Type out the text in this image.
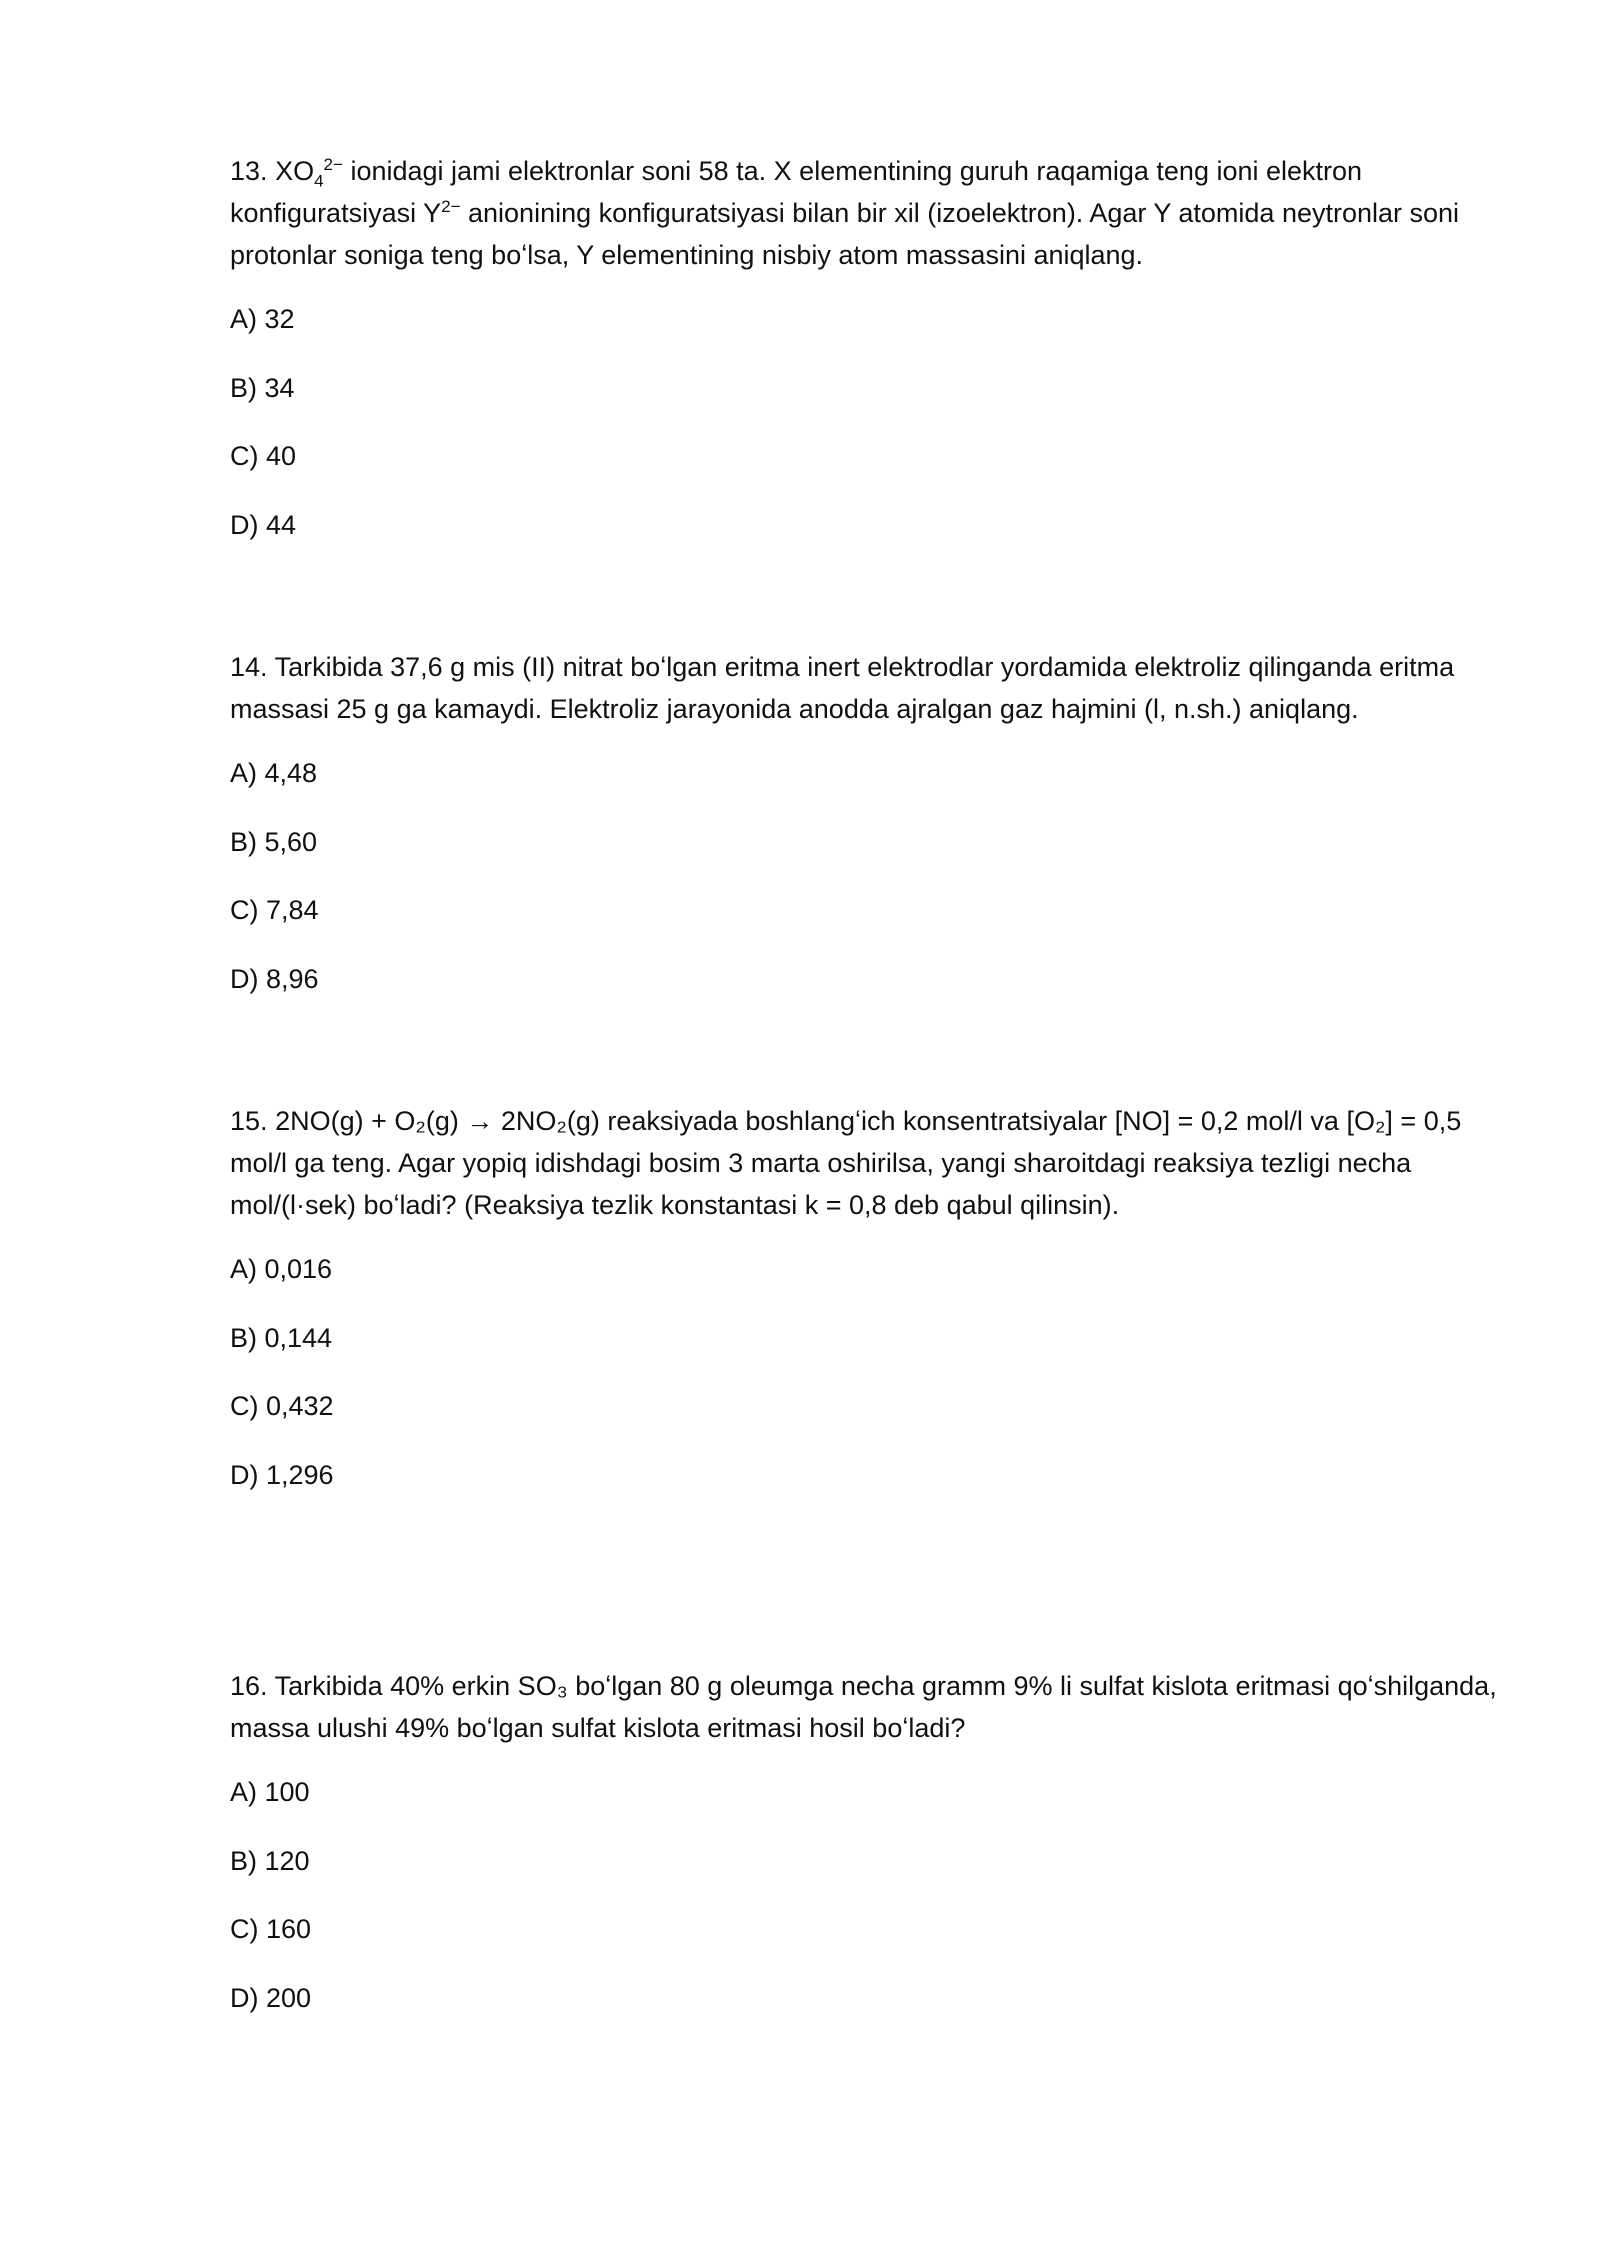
13. $XO_4^{2-}$ ionidagi jami elektronlar soni 58 ta. X elementining guruh raqamiga teng ioni elektron konfiguratsiyasi $Y^{2-}$ anionining konfiguratsiyasi bilan bir xil (izoelektron). Agar Y atomida neytronlar soni protonlar soniga teng boʻlsa, Y elementining nisbiy atom massasini aniqlang.

A) 32
B) 34
C) 40
D) 44

14. Tarkibida 37,6 g mis (II) nitrat boʻlgan eritma inert elektrodlar yordamida elektroliz qilinganda eritma massasi 25 g ga kamaydi. Elektroliz jarayonida anodda ajralgan gaz hajmini (l, n.sh.) aniqlang.

A) 4,48
B) 5,60
C) 7,84
D) 8,96

15. 2NO(g) + O₂(g) → 2NO₂(g) reaksiyada boshlangʻich konsentratsiyalar [NO] = 0,2 mol/l va [O₂] = 0,5 mol/l ga teng. Agar yopiq idishdagi bosim 3 marta oshirilsa, yangi sharoitdagi reaksiya tezligi necha mol/(l·sek) boʻladi? (Reaksiya tezlik konstantasi k = 0,8 deb qabul qilinsin).

A) 0,016
B) 0,144
C) 0,432
D) 1,296

16. Tarkibida 40% erkin SO₃ boʻlgan 80 g oleumga necha gramm 9% li sulfat kislota eritmasi qoʻshilganda, massa ulushi 49% boʻlgan sulfat kislota eritmasi hosil boʻladi?

A) 100
B) 120
C) 160
D) 200
